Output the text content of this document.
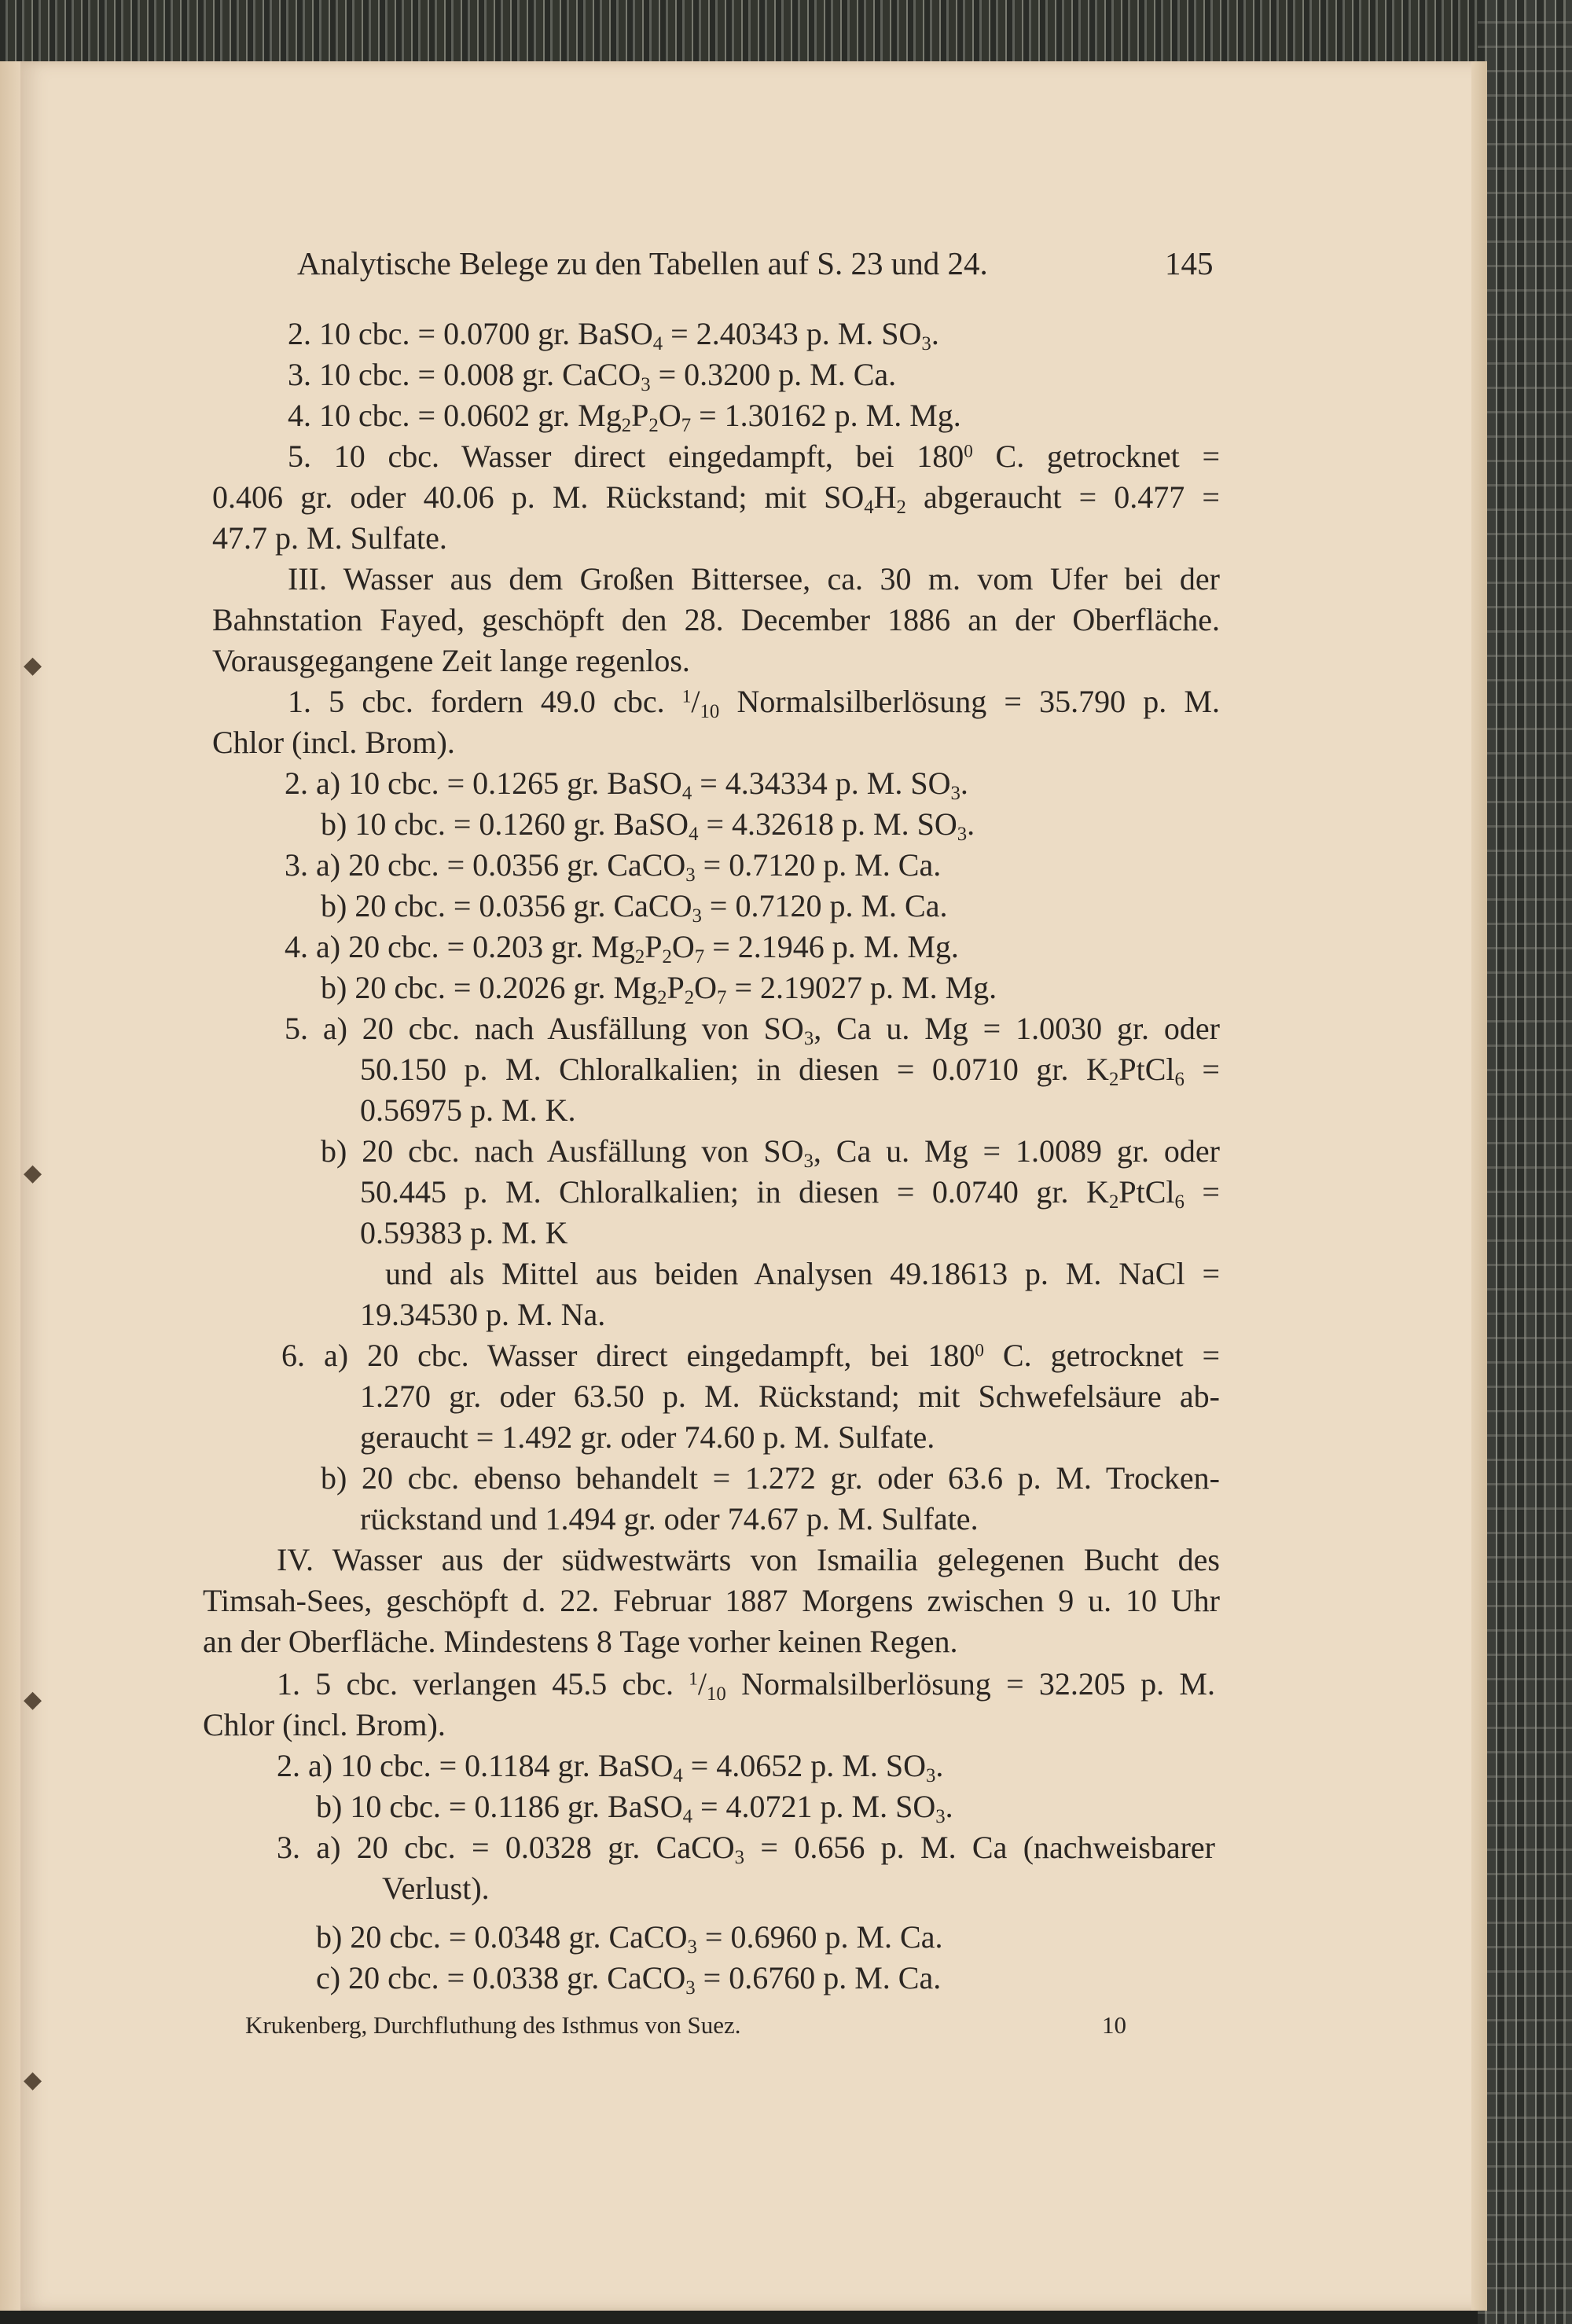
◆
◆
◆
◆
Analytische Belege zu den Tabellen auf S. 23 und 24.	145
2. 10 cbc. = 0.0700 gr. BaSO$_4$ = 2.40343 p. M. $SO_3$.
3. 10 cbc. = 0.008 gr. CaCO$_3$ = 0.3200 p. M. Ca.
4. 10 cbc. = 0.0602 gr. $Mg_2P_2O_7 = 1.30162$ p. M. Mg.
5. 10 cbc. Wasser direct eingedampft, bei $180^0$ C. getrocknet =
0.406 gr. oder 40.06 p. M. Rückstand; mit $SO_4H_2$ abgeraucht = 0.477 =
47.7 p. M. Sulfate.
III. Wasser aus dem Großen Bittersee, ca. 30 m. vom Ufer bei der
Bahnstation Fayed, geschöpft den 28. December 1886 an der Oberfläche.
Vorausgegangene Zeit lange regenlos.
1. 5 cbc. fordern 49.0 cbc. $^1/_{10}$ Normalsilberlösung = 35.790 p. M.
Chlor (incl. Brom).
2. a) 10 cbc. = 0.1265 gr. BaSO$_4$ = 4.34334 p. M. $SO_3$.
b) 10 cbc. = 0.1260 gr. BaSO$_4$ = 4.32618 p. M. $SO_3$.
3. a) 20 cbc. = 0.0356 gr. CaCO$_3$ = 0.7120 p. M. Ca.
b) 20 cbc. = 0.0356 gr. CaCO$_3$ = 0.7120 p. M. Ca.
4. a) 20 cbc. = 0.203 gr. $Mg_2P_2O_7 = 2.1946$ p. M. Mg.
b) 20 cbc. = 0.2026 gr. $Mg_2P_2O_7 = 2.19027$ p. M. Mg.
5. a) 20 cbc. nach Ausfällung von $SO_3$, Ca u. Mg = 1.0030 gr. oder
50.150 p. M. Chloralkalien; in diesen = 0.0710 gr. $K_2PtCl_6$ =
0.56975 p. M. K.
b) 20 cbc. nach Ausfällung von $SO_3$, Ca u. Mg = 1.0089 gr. oder
50.445 p. M. Chloralkalien; in diesen = 0.0740 gr. $K_2PtCl_6$ =
0.59383 p. M. K
und als Mittel aus beiden Analysen 49.18613 p. M. NaCl =
19.34530 p. M. Na.
6. a) 20 cbc. Wasser direct eingedampft, bei $180^0$ C. getrocknet =
1.270 gr. oder 63.50 p. M. Rückstand; mit Schwefelsäure ab-
geraucht = 1.492 gr. oder 74.60 p. M. Sulfate.
b) 20 cbc. ebenso behandelt = 1.272 gr. oder 63.6 p. M. Trocken-
rückstand und 1.494 gr. oder 74.67 p. M. Sulfate.
IV. Wasser aus der südwestwärts von Ismailia gelegenen Bucht des
Timsah-Sees, geschöpft d. 22. Februar 1887 Morgens zwischen 9 u. 10 Uhr
an der Oberfläche. Mindestens 8 Tage vorher keinen Regen.
1. 5 cbc. verlangen 45.5 cbc. $^1/_{10}$ Normalsilberlösung = 32.205 p. M.
Chlor (incl. Brom).
2. a) 10 cbc. = 0.1184 gr. BaSO$_4$ = 4.0652 p. M. $SO_3$.
b) 10 cbc. = 0.1186 gr. BaSO$_4$ = 4.0721 p. M. $SO_3$.
3. a) 20 cbc. = 0.0328 gr. CaCO$_3$ = 0.656 p. M. Ca (nachweisbarer
Verlust).
b) 20 cbc. = 0.0348 gr. CaCO$_3$ = 0.6960 p. M. Ca.
c) 20 cbc. = 0.0338 gr. CaCO$_3$ = 0.6760 p. M. Ca.
Krukenberg, Durchfluthung des Isthmus von Suez.	10
